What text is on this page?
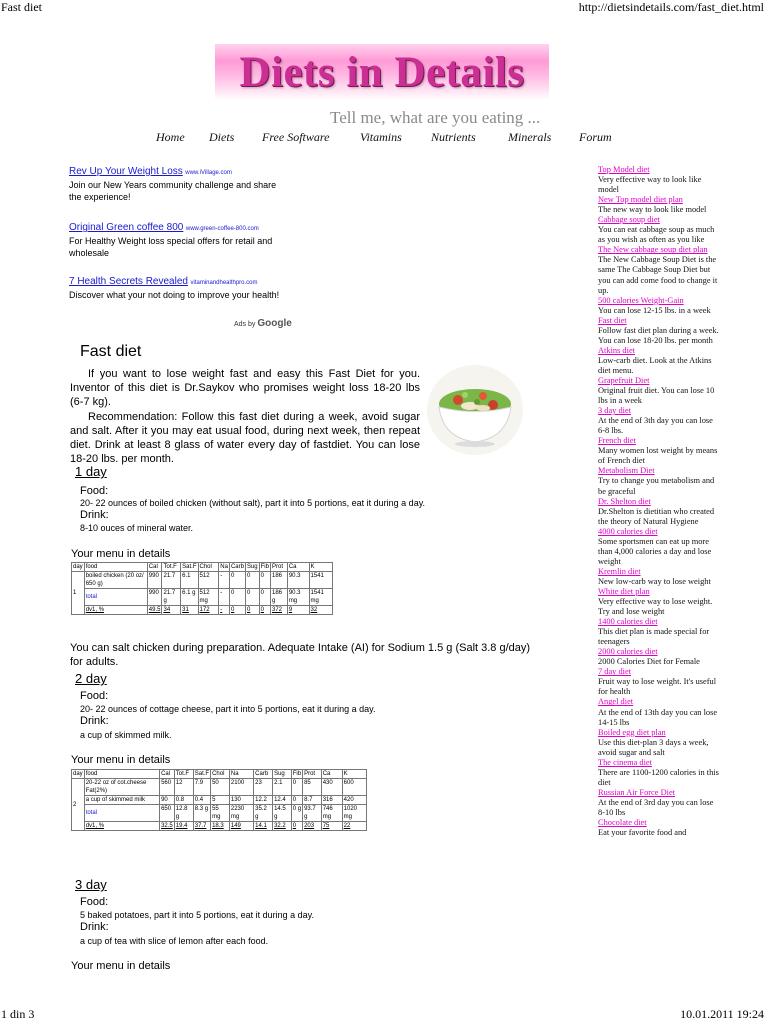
Fast diet	http://dietsindetails.com/fast_diet.html
1 din 3	10.01.2011 19:24
Diets in Details
Tell me, what are you eating ...
Home Diets Free Software	Vitamins Nutrients	Minerals Forum
Rev Up Your Weight Loss www.iVillage.com
Join our New Years community challenge and share the experience!
Original Green coffee 800 www.green-coffee-800.com
For Healthy Weight loss special offers for retail and wholesale
7 Health Secrets Revealed vitaminandhealthpro.com
Discover what your not doing to improve your health!
Ads by Google
Fast diet

If you want to lose weight fast and easy this Fast Diet for you. Inventor of this diet is Dr.Saykov who promises weight loss 18-20 lbs (6-7 kg).

Recommendation: Follow this fast diet during a week, avoid sugar and salt. After it you may eat usual food, during next week, then repeat diet. Drink at least 8 glass of water every day of fastdiet. You can lose 18-20 lbs. per month.

1 day
Food:
20- 22 ounces of boiled chicken (without salt), part it into 5 portions, eat it during a day.
Drink:
8-10 ouces of mineral water.
Your menu in details
day	food	Cal	Tot.F	Sat.F	Chol	Na	Carb	Sug	Fib	Prot	Ca	K
1	boiled chicken (20 oz/ 650 g)	990	21.7	6.1	512	-	0	0	0	186	90.3	1541
	total	990	21.7 g	6.1 g	512 mg	-	0	0	0	186 g	90.3 mg	1541 mg
	dv1, %	49.5	34	31	172	-	0	0	0	372	9	32
You can salt chicken during preparation. Adequate Intake (AI) for Sodium 1.5 g (Salt 3.8 g/day) for adults.
2 day
Food:
20- 22 ounces of cottage cheese, part it into 5 portions, eat it during a day.
Drink:
a cup of skimmed milk.
Your menu in details
day	food	Cal	Tot.F	Sat.F	Chol	Na	Carb	Sug	Fib	Prot	Ca	K
2	20-22 oz of cot.cheese Fat(2%)	560	12	7.9	50	2100	23	2.1	0	85	430	600
	a cup of skimmed milk	90	0.8	0.4	5	130	12.2	12.4	0	8.7	316	420
	total	650	12.8 g	8.3 g	55 mg	2230 mg	35.2 g	14.5 g	0 g	93.7 g	746 mg	1020 mg
	dv1, %	32.5	19.4	37.7	18.3	149	14.1	32.2	0	203	75	22
3 day
Food:
5 baked potatoes, part it into 5 portions, eat it during a day.
Drink:
a cup of tea with slice of lemon after each food.
Your menu in details
Top Model diet
Very effective way to look like model
New Top model diet plan
The new way to look like model
Cabbage soup diet
You can eat cabbage soup as much as you wish as often as you like
The New cabbage soup diet plan
The New Cabbage Soup Diet is the same The Cabbage Soup Diet but you can add come food to change it up.
500 calories Weight-Gain
You can lose 12-15 lbs. in a week
Fast diet
Follow fast diet plan during a week. You can lose 18-20 lbs. per month
Atkins diet
Low-carb diet. Look at the Atkins diet menu.
Grapefruit Diet
Original fruit diet. You can lose 10 lbs in a week
3 day diet
At the end of 3th day you can lose 6-8 lbs.
French diet
Many women lost weight by means of French diet
Metabolism Diet
Try to change you metabolism and be graceful
Dr. Shelton diet
Dr.Shelton is dietitian who created the theory of Natural Hygiene
4000 calories diet
Some sportsmen can eat up more than 4,000 calories a day and lose weight
Kremlin diet
New low-carb way to lose weight
White diet plan
Very effective way to lose weight. Try and lose weight
1400 calories diet
This diet plan is made special for teenagers
2000 calories diet
2000 Calories Diet for Female
7 day diet
Fruit way to lose weight. It's useful for health
Angel diet
At the end of 13th day you can lose 14-15 lbs
Boiled egg diet plan
Use this diet-plan 3 days a week, avoid sugar and salt
The cinema diet
There are 1100-1200 calories in this diet
Russian Air Force Diet
At the end of 3rd day you can lose 8-10 lbs
Chocolate diet
Eat your favorite food and
